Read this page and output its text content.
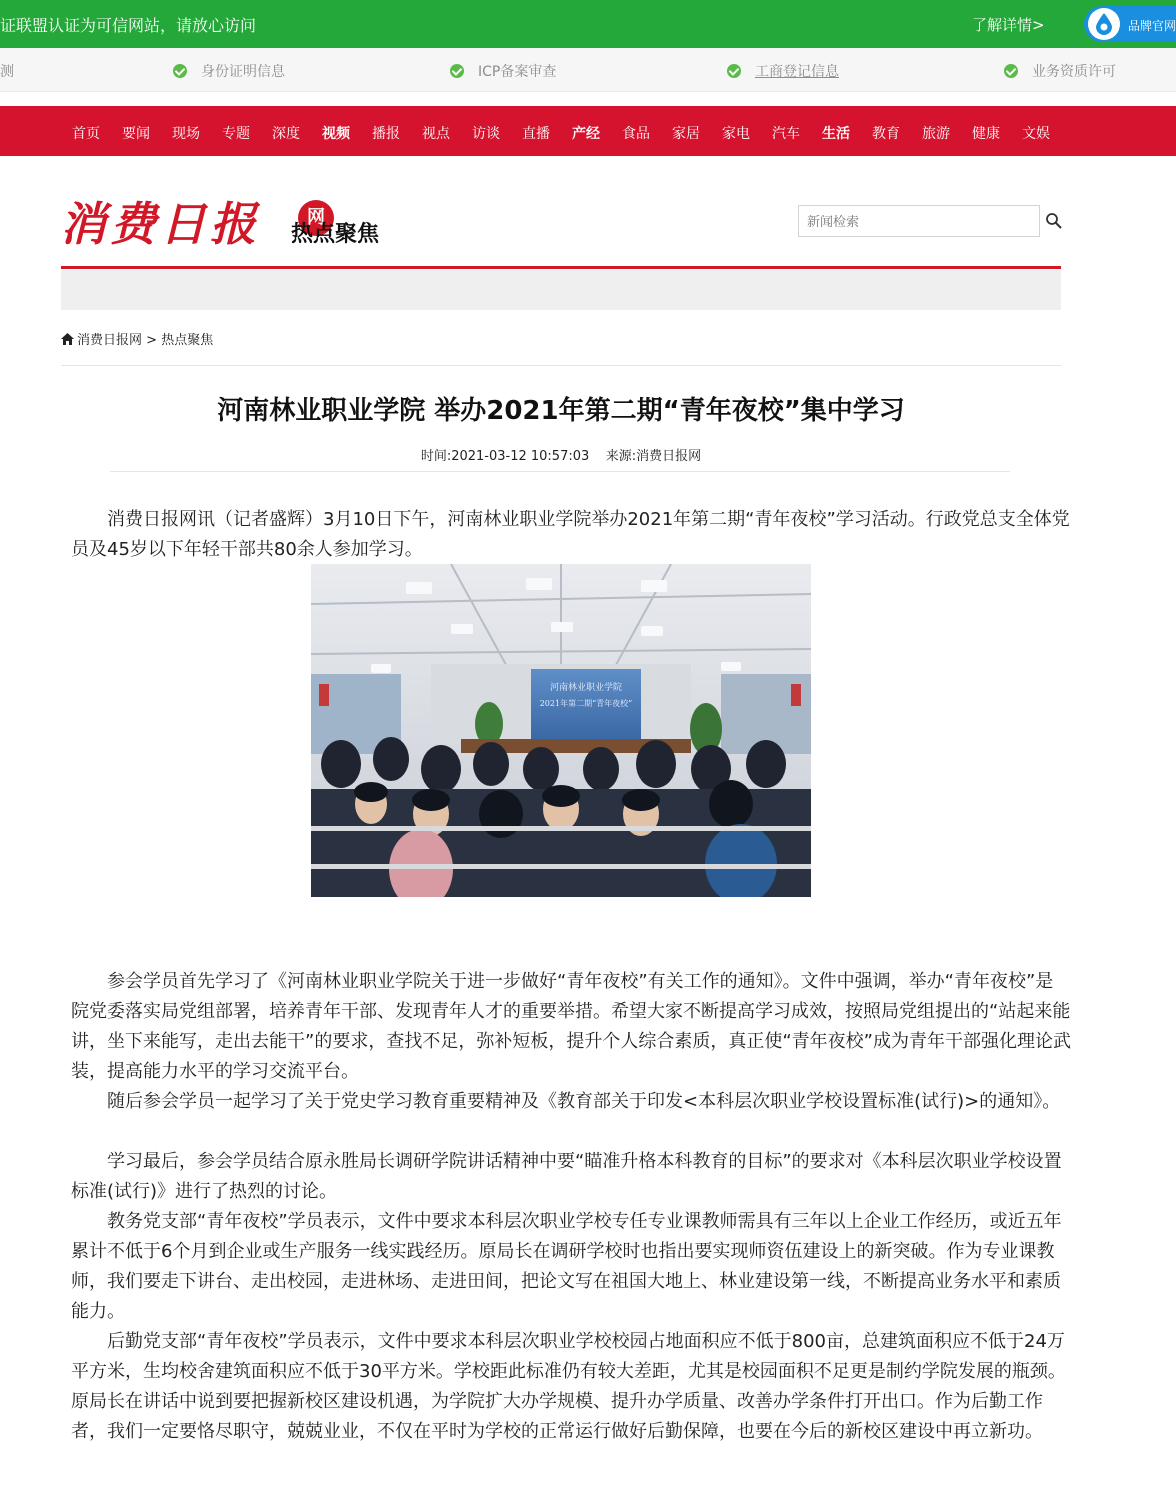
证联盟认证为可信网站，请放心访问	了解详情>	品牌官网
测	身份证明信息	ICP备案审查	工商登记信息	业务资质许可
首页 要闻 现场 专题 深度 视频 播报 视点 访谈 直播 产经 食品 家居 家电 汽车 生活 教育 旅游 健康 文娱
消费日报	网
热点聚焦
新闻检索
消费日报网 > 热点聚焦
河南林业职业学院 举办2021年第二期“青年夜校”集中学习
时间:2021-03-12 10:57:03 来源:消费日报网

消费日报网讯（记者盛辉）3月10日下午，河南林业职业学院举办2021年第二期“青年夜校”学习活动。行政党总支全体党员及45岁以下年轻干部共80余人参加学习。

河南林业职业学院
2021年第二期“青年夜校”

参会学员首先学习了《河南林业职业学院关于进一步做好“青年夜校”有关工作的通知》。文件中强调，举办“青年夜校”是院党委落实局党组部署，培养青年干部、发现青年人才的重要举措。希望大家不断提高学习成效，按照局党组提出的“站起来能讲，坐下来能写，走出去能干”的要求，查找不足，弥补短板，提升个人综合素质，真正使“青年夜校”成为青年干部强化理论武装，提高能力水平的学习交流平台。

随后参会学员一起学习了关于党史学习教育重要精神及《教育部关于印发<本科层次职业学校设置标准(试行)>的通知》。

学习最后，参会学员结合原永胜局长调研学院讲话精神中要“瞄准升格本科教育的目标”的要求对《本科层次职业学校设置标准(试行)》进行了热烈的讨论。

教务党支部“青年夜校”学员表示，文件中要求本科层次职业学校专任专业课教师需具有三年以上企业工作经历，或近五年累计不低于6个月到企业或生产服务一线实践经历。原局长在调研学校时也指出要实现师资伍建设上的新突破。作为专业课教师，我们要走下讲台、走出校园，走进林场、走进田间，把论文写在祖国大地上、林业建设第一线，不断提高业务水平和素质能力。

后勤党支部“青年夜校”学员表示，文件中要求本科层次职业学校校园占地面积应不低于800亩，总建筑面积应不低于24万平方米，生均校舍建筑面积应不低于30平方米。学校距此标准仍有较大差距，尤其是校园面积不足更是制约学院发展的瓶颈。原局长在讲话中说到要把握新校区建设机遇，为学院扩大办学规模、提升办学质量、改善办学条件打开出口。作为后勤工作者，我们一定要恪尽职守，兢兢业业，不仅在平时为学校的正常运行做好后勤保障，也要在今后的新校区建设中再立新功。
